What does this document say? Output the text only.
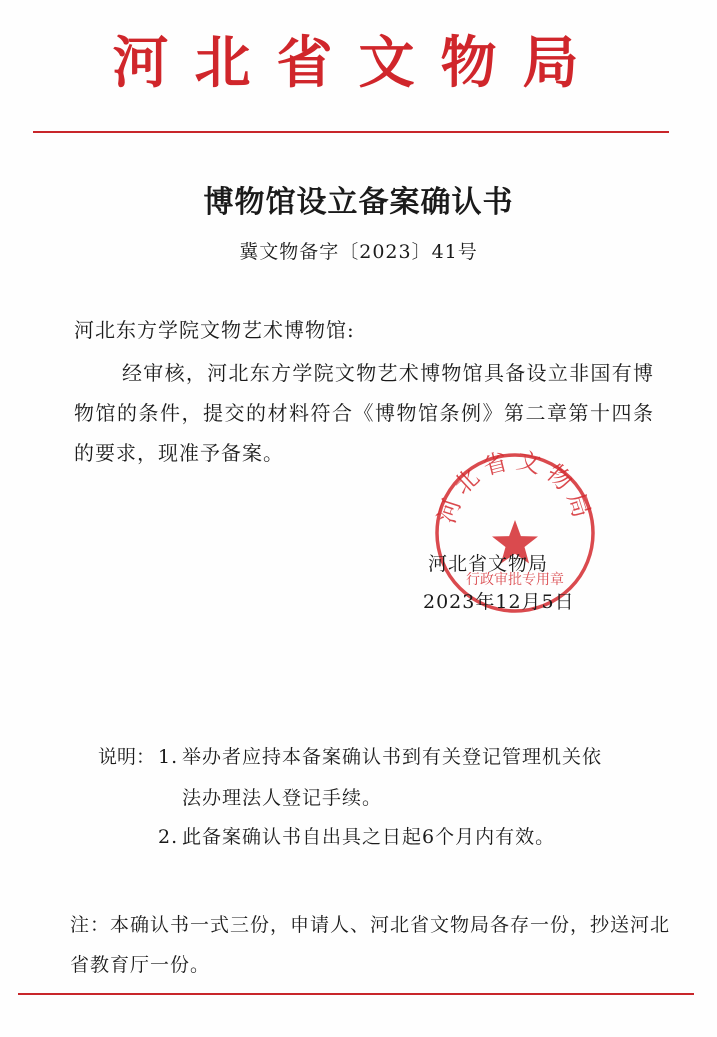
河北省文物局
博物馆设立备案确认书
冀文物备字〔2023〕41号
河北东方学院文物艺术博物馆:
经审核，河北东方学院文物艺术博物馆具备设立非国有博物馆的条件，提交的材料符合《博物馆条例》第二章第十四条的要求，现准予备案。
河北省文物局
行政审批专用章
河北省文物局
2023年12月5日
说明： 1. 举办者应持本备案确认书到有关登记管理机关依
法办理法人登记手续。
2. 此备案确认书自出具之日起6个月内有效。
注：本确认书一式三份，申请人、河北省文物局各存一份，抄送河北省教育厅一份。
